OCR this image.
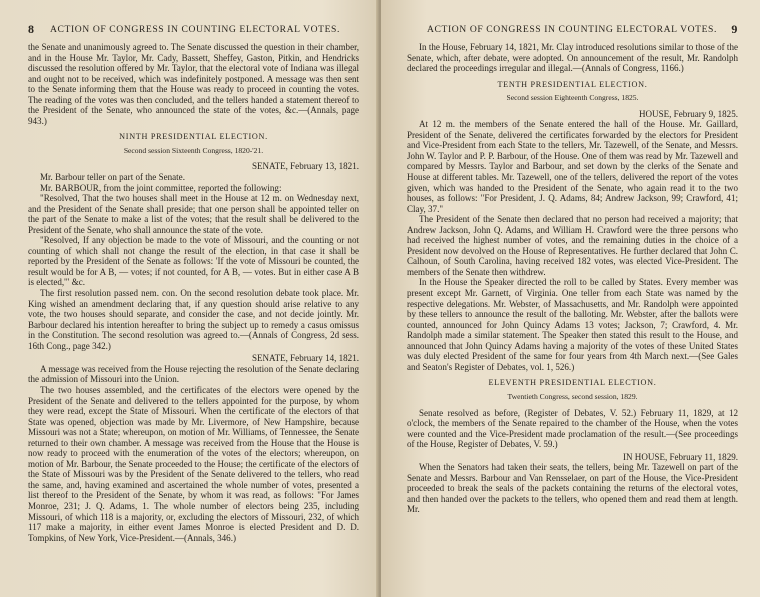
8 ACTION OF CONGRESS IN COUNTING ELECTORAL VOTES.

the Senate and unanimously agreed to. The Senate discussed the question in their chamber, and in the House Mr. Taylor, Mr. Cady, Bassett, Sheffey, Gaston, Pitkin, and Hendricks discussed the resolution offered by Mr. Taylor, that the electoral vote of Indiana was illegal and ought not to be received, which was indefinitely postponed. A message was then sent to the Senate informing them that the House was ready to proceed in counting the votes. The reading of the votes was then concluded, and the tellers handed a statement thereof to the President of the Senate, who announced the state of the votes, &c.—(Annals, page 943.)

NINTH PRESIDENTIAL ELECTION.
Second session Sixteenth Congress, 1820-'21.
SENATE, February 13, 1821.

Mr. Barbour teller on part of the Senate.

Mr. BARBOUR, from the joint committee, reported the following:

"Resolved, That the two houses shall meet in the House at 12 m. on Wednesday next, and the President of the Senate shall preside; that one person shall be appointed teller on the part of the Senate to make a list of the votes; that the result shall be delivered to the President of the Senate, who shall announce the state of the vote.

"Resolved, If any objection be made to the vote of Missouri, and the counting or not counting of which shall not change the result of the election, in that case it shall be reported by the President of the Senate as follows: 'If the vote of Missouri be counted, the result would be for A B, — votes; if not counted, for A B, — votes. But in either case A B is elected,'" &c.

The first resolution passed nem. con. On the second resolution debate took place. Mr. King wished an amendment declaring that, if any question should arise relative to any vote, the two houses should separate, and consider the case, and not decide jointly. Mr. Barbour declared his intention hereafter to bring the subject up to remedy a casus omissus in the Constitution. The second resolution was agreed to.—(Annals of Congress, 2d sess. 16th Cong., page 342.)

SENATE, February 14, 1821.

A message was received from the House rejecting the resolution of the Senate declaring the admission of Missouri into the Union.

The two houses assembled, and the certificates of the electors were opened by the President of the Senate and delivered to the tellers appointed for the purpose, by whom they were read, except the State of Missouri. When the certificate of the electors of that State was opened, objection was made by Mr. Livermore, of New Hampshire, because Missouri was not a State; whereupon, on motion of Mr. Williams, of Tennessee, the Senate returned to their own chamber. A message was received from the House that the House is now ready to proceed with the enumeration of the votes of the electors; whereupon, on motion of Mr. Barbour, the Senate proceeded to the House; the certificate of the electors of the State of Missouri was by the President of the Senate delivered to the tellers, who read the same, and, having examined and ascertained the whole number of votes, presented a list thereof to the President of the Senate, by whom it was read, as follows: "For James Monroe, 231; J. Q. Adams, 1. The whole number of electors being 235, including Missouri, of which 118 is a majority, or, excluding the electors of Missouri, 232, of which 117 make a majority, in either event James Monroe is elected President and D. D. Tompkins, of New York, Vice-President.—(Annals, 346.)

ACTION OF CONGRESS IN COUNTING ELECTORAL VOTES. 9

In the House, February 14, 1821, Mr. Clay introduced resolutions similar to those of the Senate, which, after debate, were adopted. On announcement of the result, Mr. Randolph declared the proceedings irregular and illegal.—(Annals of Congress, 1166.)

TENTH PRESIDENTIAL ELECTION.
Second session Eighteenth Congress, 1825.
HOUSE, February 9, 1825.

At 12 m. the members of the Senate entered the hall of the House. Mr. Gaillard, President of the Senate, delivered the certificates forwarded by the electors for President and Vice-President from each State to the tellers, Mr. Tazewell, of the Senate, and Messrs. John W. Taylor and P. P. Barbour, of the House. One of them was read by Mr. Tazewell and compared by Messrs. Taylor and Barbour, and set down by the clerks of the Senate and House at different tables. Mr. Tazewell, one of the tellers, delivered the report of the votes given, which was handed to the President of the Senate, who again read it to the two houses, as follows: "For President, J. Q. Adams, 84; Andrew Jackson, 99; Crawford, 41; Clay, 37."

The President of the Senate then declared that no person had received a majority; that Andrew Jackson, John Q. Adams, and William H. Crawford were the three persons who had received the highest number of votes, and the remaining duties in the choice of a President now devolved on the House of Representatives. He further declared that John C. Calhoun, of South Carolina, having received 182 votes, was elected Vice-President. The members of the Senate then withdrew.

In the House the Speaker directed the roll to be called by States. Every member was present except Mr. Garnett, of Virginia. One teller from each State was named by the respective delegations. Mr. Webster, of Massachusetts, and Mr. Randolph were appointed by these tellers to announce the result of the balloting. Mr. Webster, after the ballots were counted, announced for John Quincy Adams 13 votes; Jackson, 7; Crawford, 4. Mr. Randolph made a similar statement. The Speaker then stated this result to the House, and announced that John Quincy Adams having a majority of the votes of these United States was duly elected President of the same for four years from 4th March next.—(See Gales and Seaton's Register of Debates, vol. 1, 526.)

ELEVENTH PRESIDENTIAL ELECTION.
Twentieth Congress, second session, 1829.

Senate resolved as before, (Register of Debates, V. 52.) February 11, 1829, at 12 o'clock, the members of the Senate repaired to the chamber of the House, when the votes were counted and the Vice-President made proclamation of the result.—(See proceedings of the House, Register of Debates, V. 59.)

IN HOUSE, February 11, 1829.

When the Senators had taken their seats, the tellers, being Mr. Tazewell on part of the Senate and Messrs. Barbour and Van Rensselaer, on part of the House, the Vice-President proceeded to break the seals of the packets containing the returns of the electoral votes, and then handed over the packets to the tellers, who opened them and read them at length. Mr.
